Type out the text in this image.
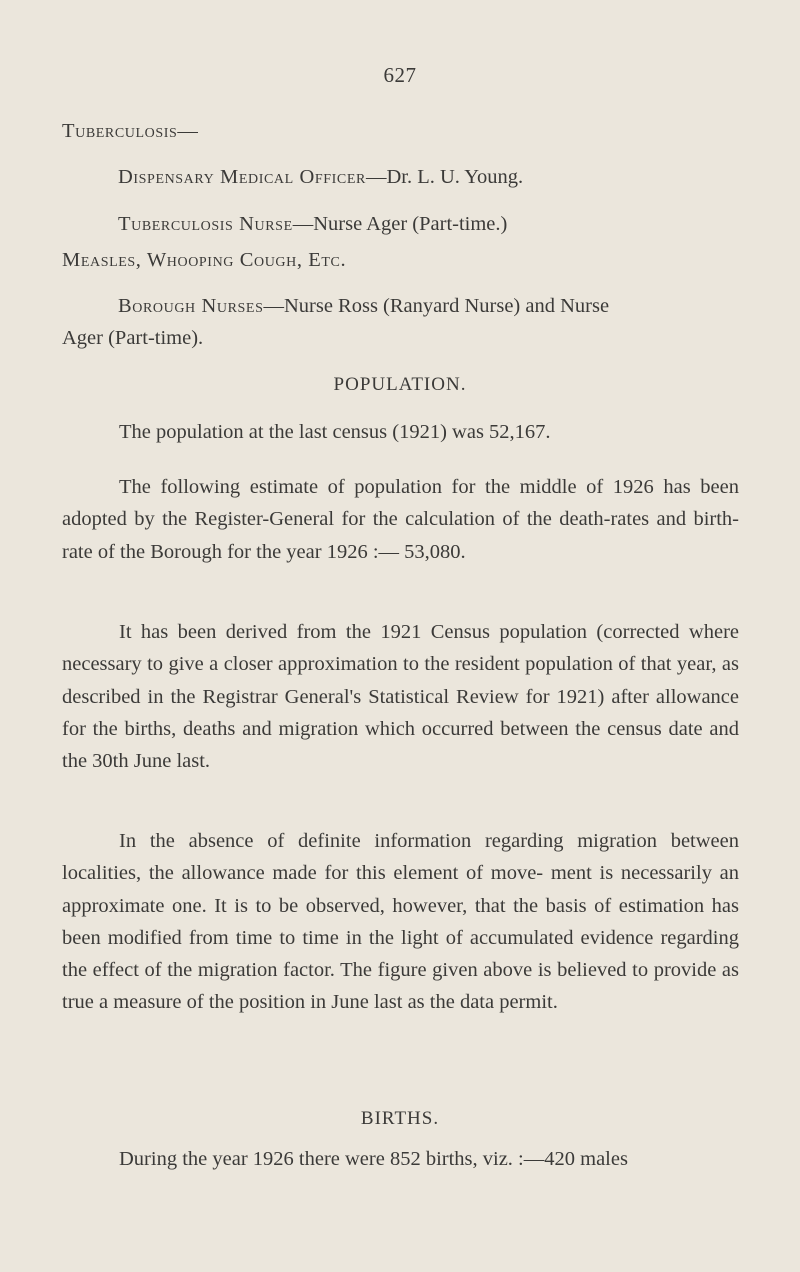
627
Tuberculosis—
Dispensary Medical Officer—Dr. L. U. Young.
Tuberculosis Nurse—Nurse Ager (Part-time.)
Measles, Whooping Cough, Etc.
Borough Nurses—Nurse Ross (Ranyard Nurse) and Nurse
Ager (Part-time).
POPULATION.
The population at the last census (1921) was 52,167.
The following estimate of population for the middle of 1926 has been adopted by the Register-General for the calculation of the death-rates and birth-rate of the Borough for the year 1926 :— 53,080.
It has been derived from the 1921 Census population (corrected where necessary to give a closer approximation to the resident population of that year, as described in the Registrar General's Statistical Review for 1921) after allowance for the births, deaths and migration which occurred between the census date and the 30th June last.
In the absence of definite information regarding migration between localities, the allowance made for this element of move- ment is necessarily an approximate one. It is to be observed, however, that the basis of estimation has been modified from time to time in the light of accumulated evidence regarding the effect of the migration factor. The figure given above is believed to provide as true a measure of the position in June last as the data permit.
BIRTHS.
During the year 1926 there were 852 births, viz. :—420 males
